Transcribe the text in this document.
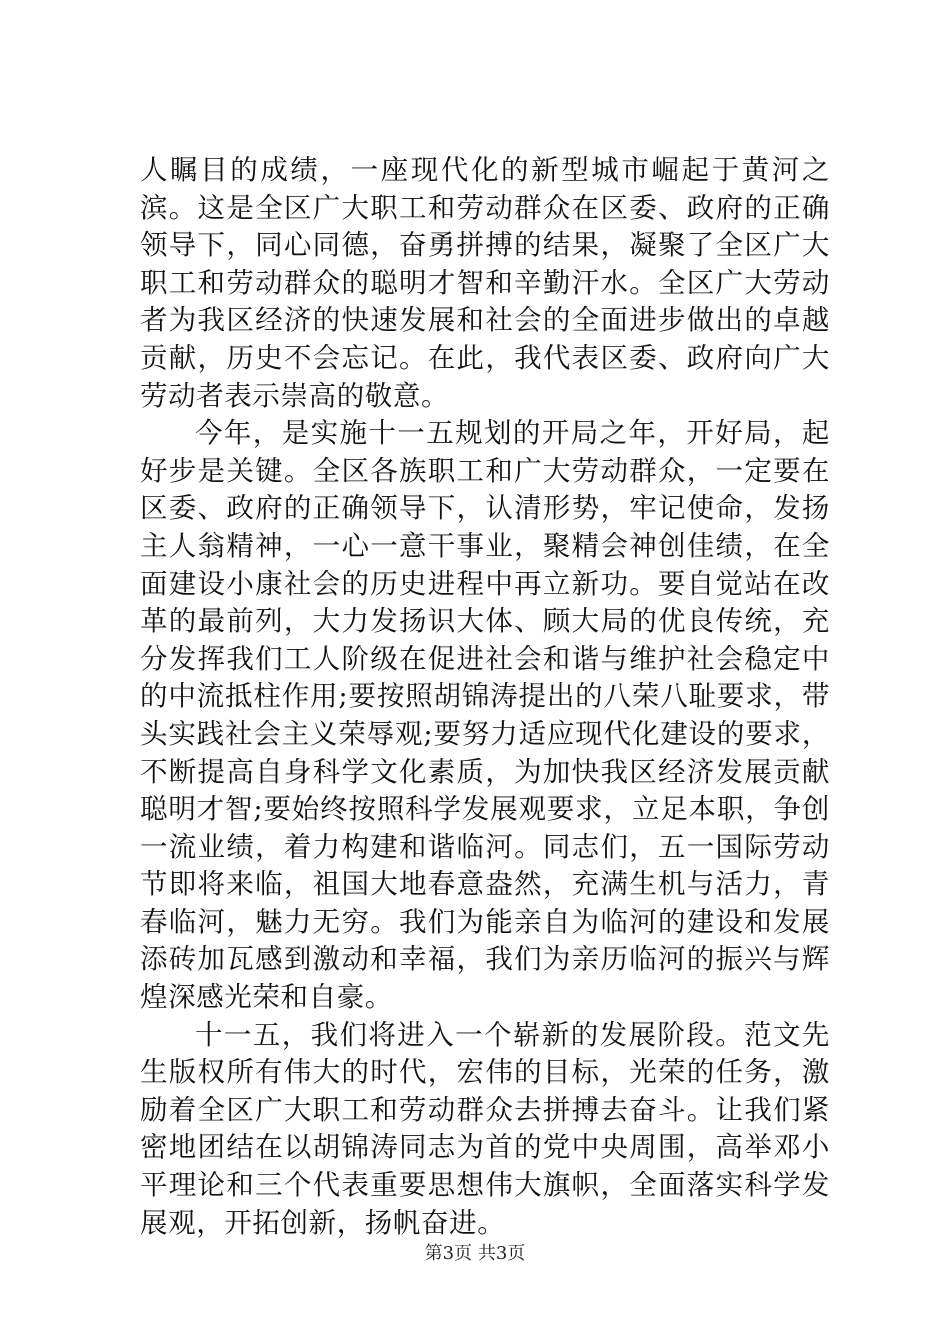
人瞩目的成绩，一座现代化的新型城市崛起于黄河之滨。这是全区广大职工和劳动群众在区委、政府的正确领导下，同心同德，奋勇拼搏的结果，凝聚了全区广大职工和劳动群众的聪明才智和辛勤汗水。全区广大劳动者为我区经济的快速发展和社会的全面进步做出的卓越贡献，历史不会忘记。在此，我代表区委、政府向广大劳动者表示崇高的敬意。

今年，是实施十一五规划的开局之年，开好局，起好步是关键。全区各族职工和广大劳动群众，一定要在区委、政府的正确领导下，认清形势，牢记使命，发扬主人翁精神，一心一意干事业，聚精会神创佳绩，在全面建设小康社会的历史进程中再立新功。要自觉站在改革的最前列，大力发扬识大体、顾大局的优良传统，充分发挥我们工人阶级在促进社会和谐与维护社会稳定中的中流抵柱作用;要按照胡锦涛提出的八荣八耻要求，带头实践社会主义荣辱观;要努力适应现代化建设的要求，不断提高自身科学文化素质，为加快我区经济发展贡献聪明才智;要始终按照科学发展观要求，立足本职，争创一流业绩，着力构建和谐临河。同志们，五一国际劳动节即将来临，祖国大地春意盎然，充满生机与活力，青春临河，魅力无穷。我们为能亲自为临河的建设和发展添砖加瓦感到激动和幸福，我们为亲历临河的振兴与辉煌深感光荣和自豪。

十一五，我们将进入一个崭新的发展阶段。范文先生版权所有伟大的时代，宏伟的目标，光荣的任务，激励着全区广大职工和劳动群众去拼搏去奋斗。让我们紧密地团结在以胡锦涛同志为首的党中央周围，高举邓小平理论和三个代表重要思想伟大旗帜，全面落实科学发展观，开拓创新，扬帆奋进。

第3页 共3页
